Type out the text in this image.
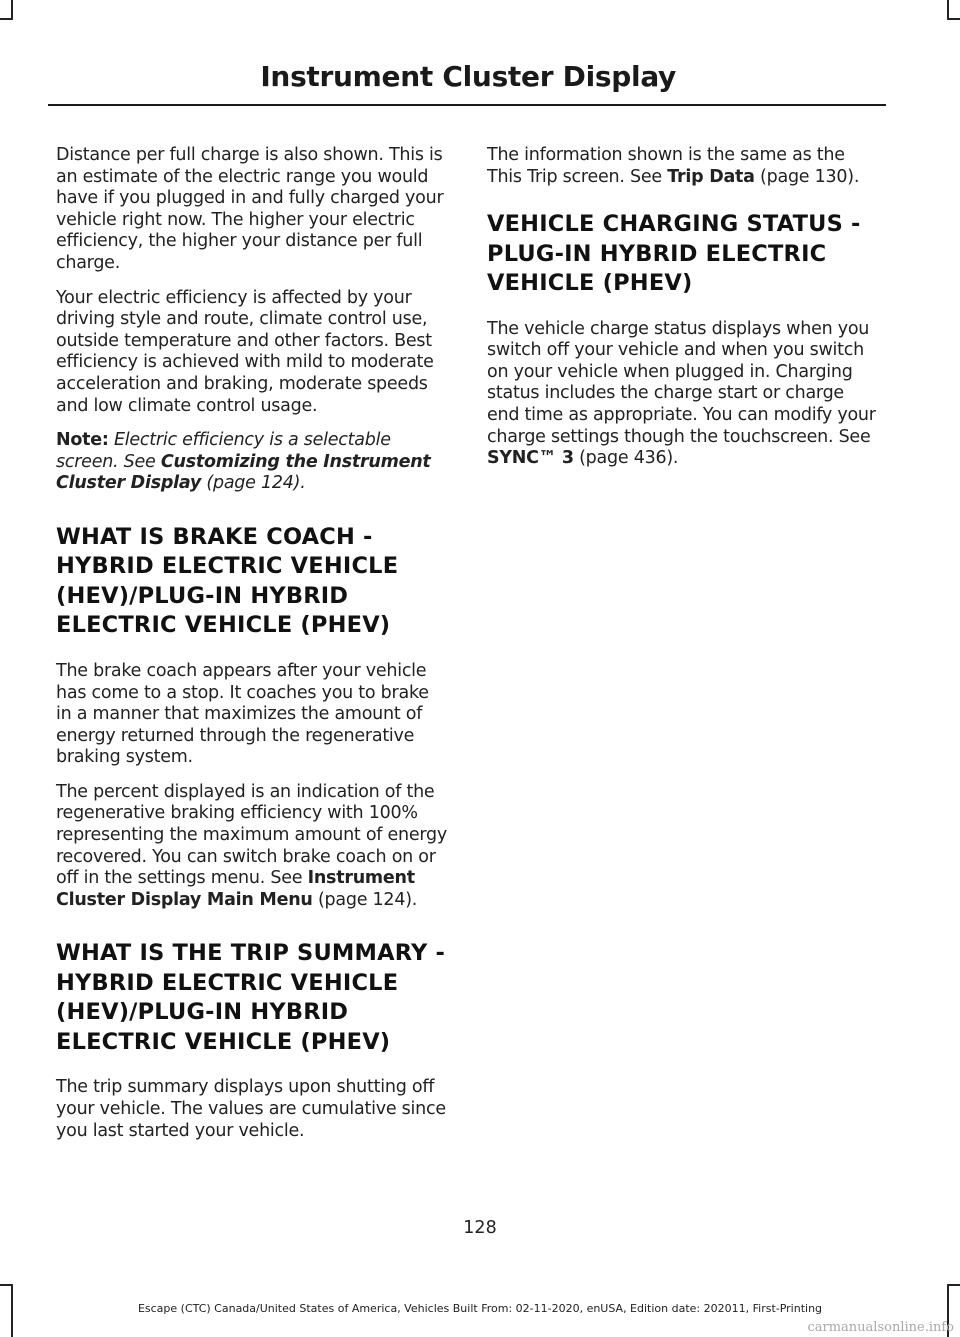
Instrument Cluster Display

Distance per full charge is also shown. This is an estimate of the electric range you would have if you plugged in and fully charged your vehicle right now. The higher your electric efficiency, the higher your distance per full charge.

Your electric efficiency is affected by your driving style and route, climate control use, outside temperature and other factors. Best efficiency is achieved with mild to moderate acceleration and braking, moderate speeds and low climate control usage.

Note: Electric efficiency is a selectable screen. See Customizing the Instrument Cluster Display (page 124).

WHAT IS BRAKE COACH - HYBRID ELECTRIC VEHICLE (HEV)/PLUG-IN HYBRID ELECTRIC VEHICLE (PHEV)

The brake coach appears after your vehicle has come to a stop. It coaches you to brake in a manner that maximizes the amount of energy returned through the regenerative braking system.

The percent displayed is an indication of the regenerative braking efficiency with 100% representing the maximum amount of energy recovered. You can switch brake coach on or off in the settings menu. See Instrument Cluster Display Main Menu (page 124).

WHAT IS THE TRIP SUMMARY - HYBRID ELECTRIC VEHICLE (HEV)/PLUG-IN HYBRID ELECTRIC VEHICLE (PHEV)

The trip summary displays upon shutting off your vehicle. The values are cumulative since you last started your vehicle.

The information shown is the same as the This Trip screen. See Trip Data (page 130).

VEHICLE CHARGING STATUS - PLUG-IN HYBRID ELECTRIC VEHICLE (PHEV)

The vehicle charge status displays when you switch off your vehicle and when you switch on your vehicle when plugged in. Charging status includes the charge start or charge end time as appropriate. You can modify your charge settings though the touchscreen. See SYNC™ 3 (page 436).

128
Escape (CTC) Canada/United States of America, Vehicles Built From: 02-11-2020, enUSA, Edition date: 202011, First-Printing
carmanualsonline.info
